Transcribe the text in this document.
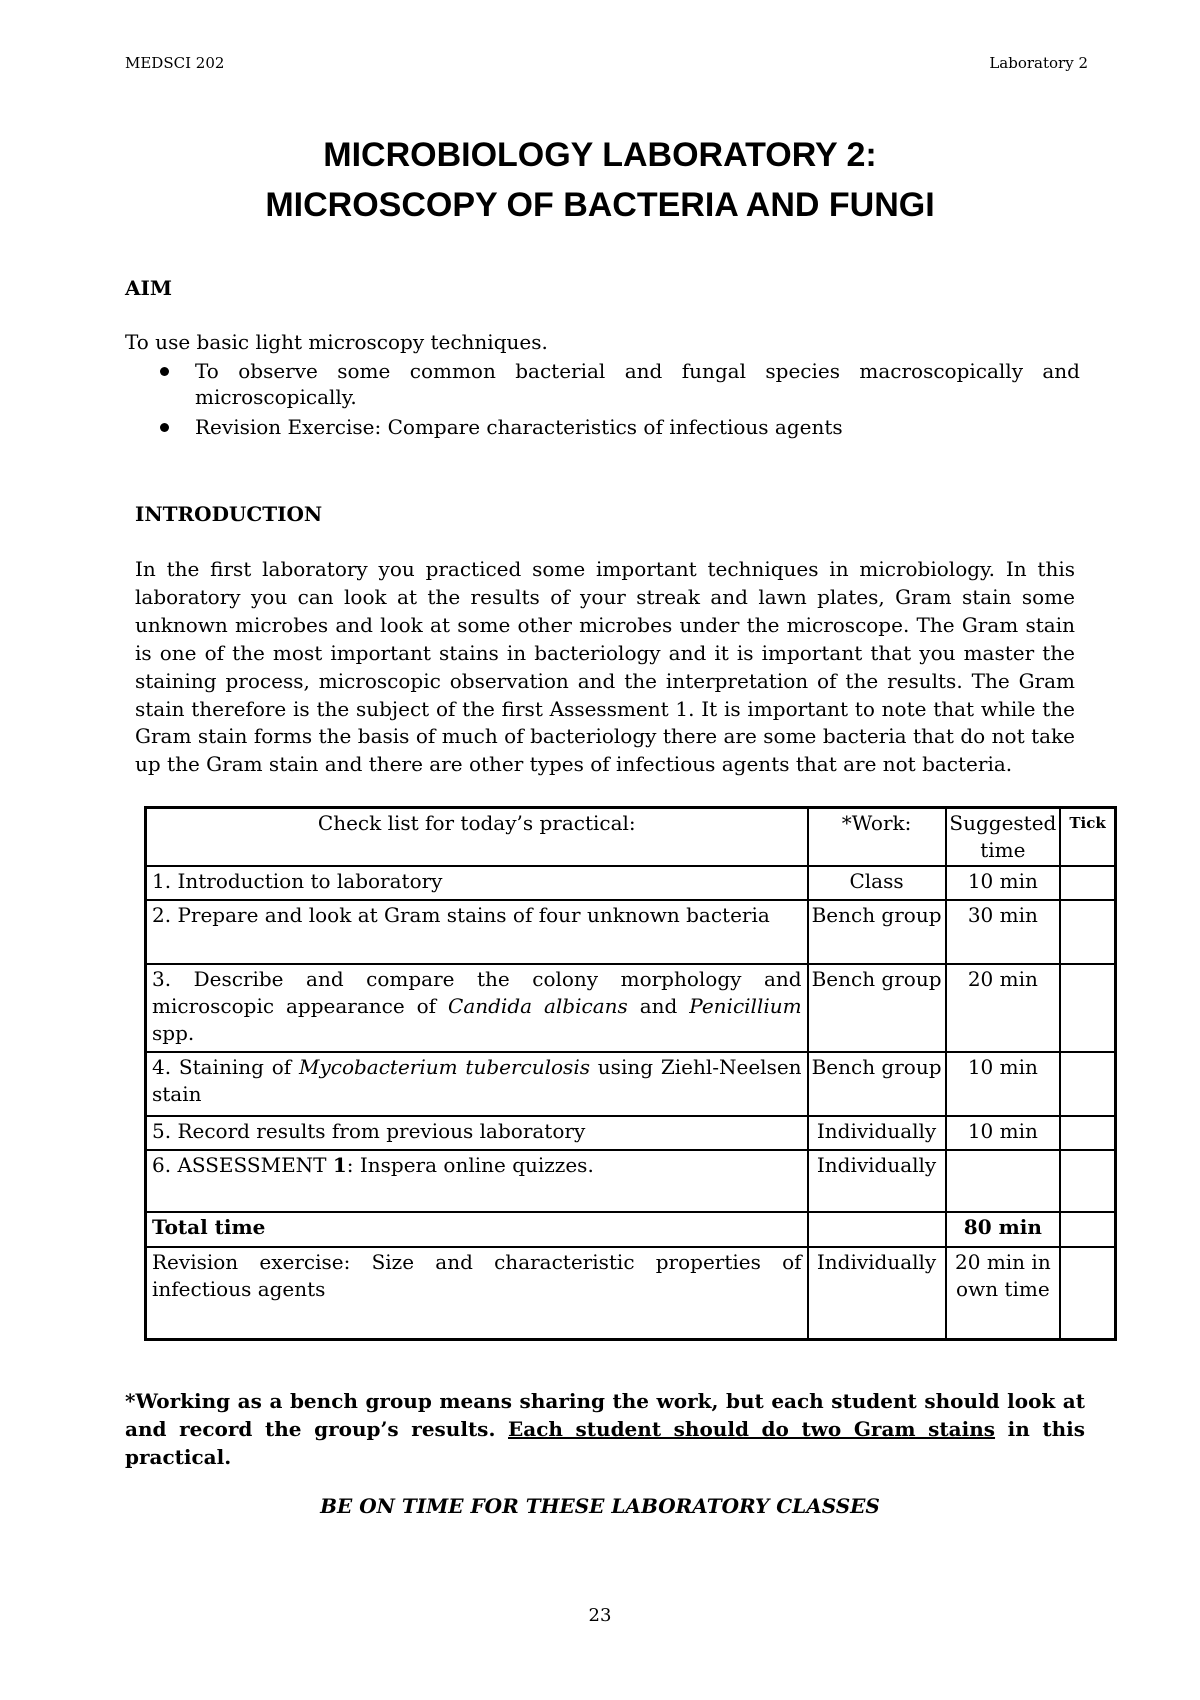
MEDSCI 202	Laboratory 2
MICROBIOLOGY LABORATORY 2:
MICROSCOPY OF BACTERIA AND FUNGI
AIM
To use basic light microscopy techniques.
To observe some common bacterial and fungal species macroscopically and microscopically.
Revision Exercise: Compare characteristics of infectious agents
INTRODUCTION
In the first laboratory you practiced some important techniques in microbiology. In this laboratory you can look at the results of your streak and lawn plates, Gram stain some unknown microbes and look at some other microbes under the microscope. The Gram stain is one of the most important stains in bacteriology and it is important that you master the staining process, microscopic observation and the interpretation of the results. The Gram stain therefore is the subject of the first Assessment 1. It is important to note that while the Gram stain forms the basis of much of bacteriology there are some bacteria that do not take up the Gram stain and there are other types of infectious agents that are not bacteria.
Check list for today’s practical:	*Work:	Suggested time	Tick
1. Introduction to laboratory	Class	10 min	
2. Prepare and look at Gram stains of four unknown bacteria	Bench group	30 min	
3. Describe and compare the colony morphology and microscopic appearance of Candida albicans and Penicillium spp.	Bench group	20 min	
4. Staining of Mycobacterium tuberculosis using Ziehl-Neelsen stain	Bench group	10 min	
5. Record results from previous laboratory	Individually	10 min	
6. ASSESSMENT 1: Inspera online quizzes.	Individually		
Total time		80 min	
Revision exercise: Size and characteristic properties of infectious agents	Individually	20 min in own time	
*Working as a bench group means sharing the work, but each student should look at and record the group’s results. Each student should do two Gram stains in this practical.
BE ON TIME FOR THESE LABORATORY CLASSES
23
